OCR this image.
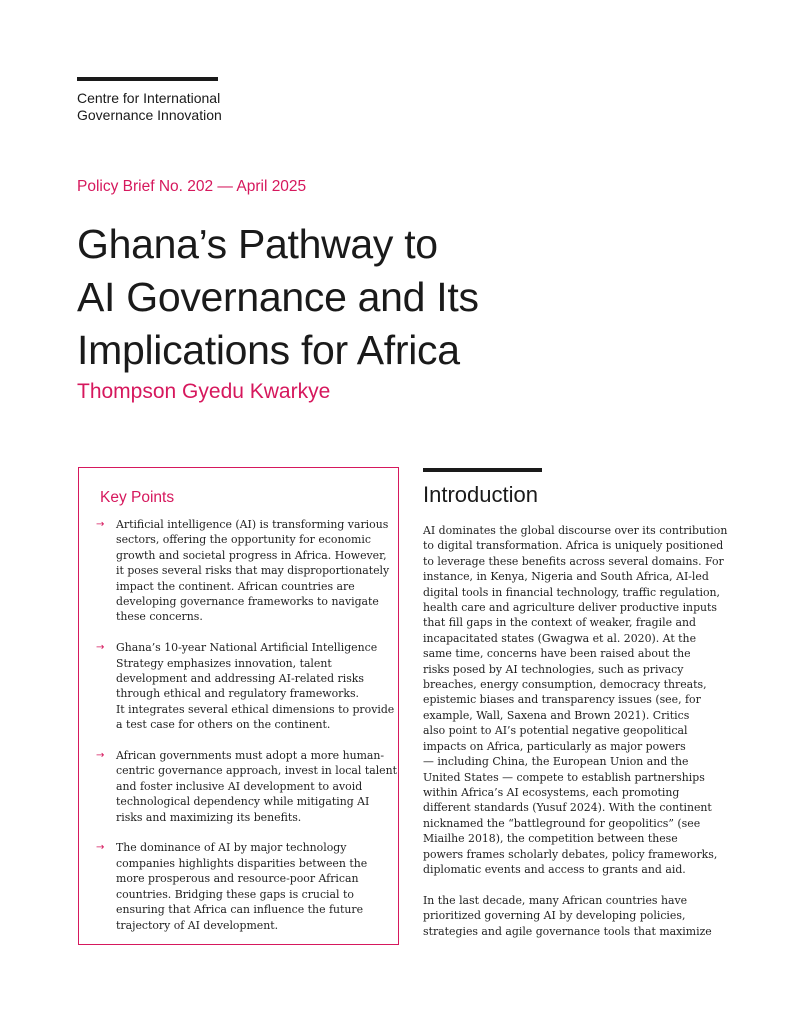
Centre for International
Governance Innovation
Policy Brief No. 202 — April 2025
Ghana’s Pathway to
AI Governance and Its
Implications for Africa
Thompson Gyedu Kwarkye
Key Points
→ Artificial intelligence (AI) is transforming various
sectors, offering the opportunity for economic
growth and societal progress in Africa. However,
it poses several risks that may disproportionately
impact the continent. African countries are
developing governance frameworks to navigate
these concerns.
→ Ghana’s 10-year National Artificial Intelligence
Strategy emphasizes innovation, talent
development and addressing AI-related risks
through ethical and regulatory frameworks.
It integrates several ethical dimensions to provide
a test case for others on the continent.
→ African governments must adopt a more human-
centric governance approach, invest in local talent
and foster inclusive AI development to avoid
technological dependency while mitigating AI
risks and maximizing its benefits.
→ The dominance of AI by major technology
companies highlights disparities between the
more prosperous and resource-poor African
countries. Bridging these gaps is crucial to
ensuring that Africa can influence the future
trajectory of AI development.
Introduction
AI dominates the global discourse over its contribution
to digital transformation. Africa is uniquely positioned
to leverage these benefits across several domains. For
instance, in Kenya, Nigeria and South Africa, AI-led
digital tools in financial technology, traffic regulation,
health care and agriculture deliver productive inputs
that fill gaps in the context of weaker, fragile and
incapacitated states (Gwagwa et al. 2020). At the
same time, concerns have been raised about the
risks posed by AI technologies, such as privacy
breaches, energy consumption, democracy threats,
epistemic biases and transparency issues (see, for
example, Wall, Saxena and Brown 2021). Critics
also point to AI’s potential negative geopolitical
impacts on Africa, particularly as major powers
— including China, the European Union and the
United States — compete to establish partnerships
within Africa’s AI ecosystems, each promoting
different standards (Yusuf 2024). With the continent
nicknamed the “battleground for geopolitics” (see
Miailhe 2018), the competition between these
powers frames scholarly debates, policy frameworks,
diplomatic events and access to grants and aid.
In the last decade, many African countries have
prioritized governing AI by developing policies,
strategies and agile governance tools that maximize
